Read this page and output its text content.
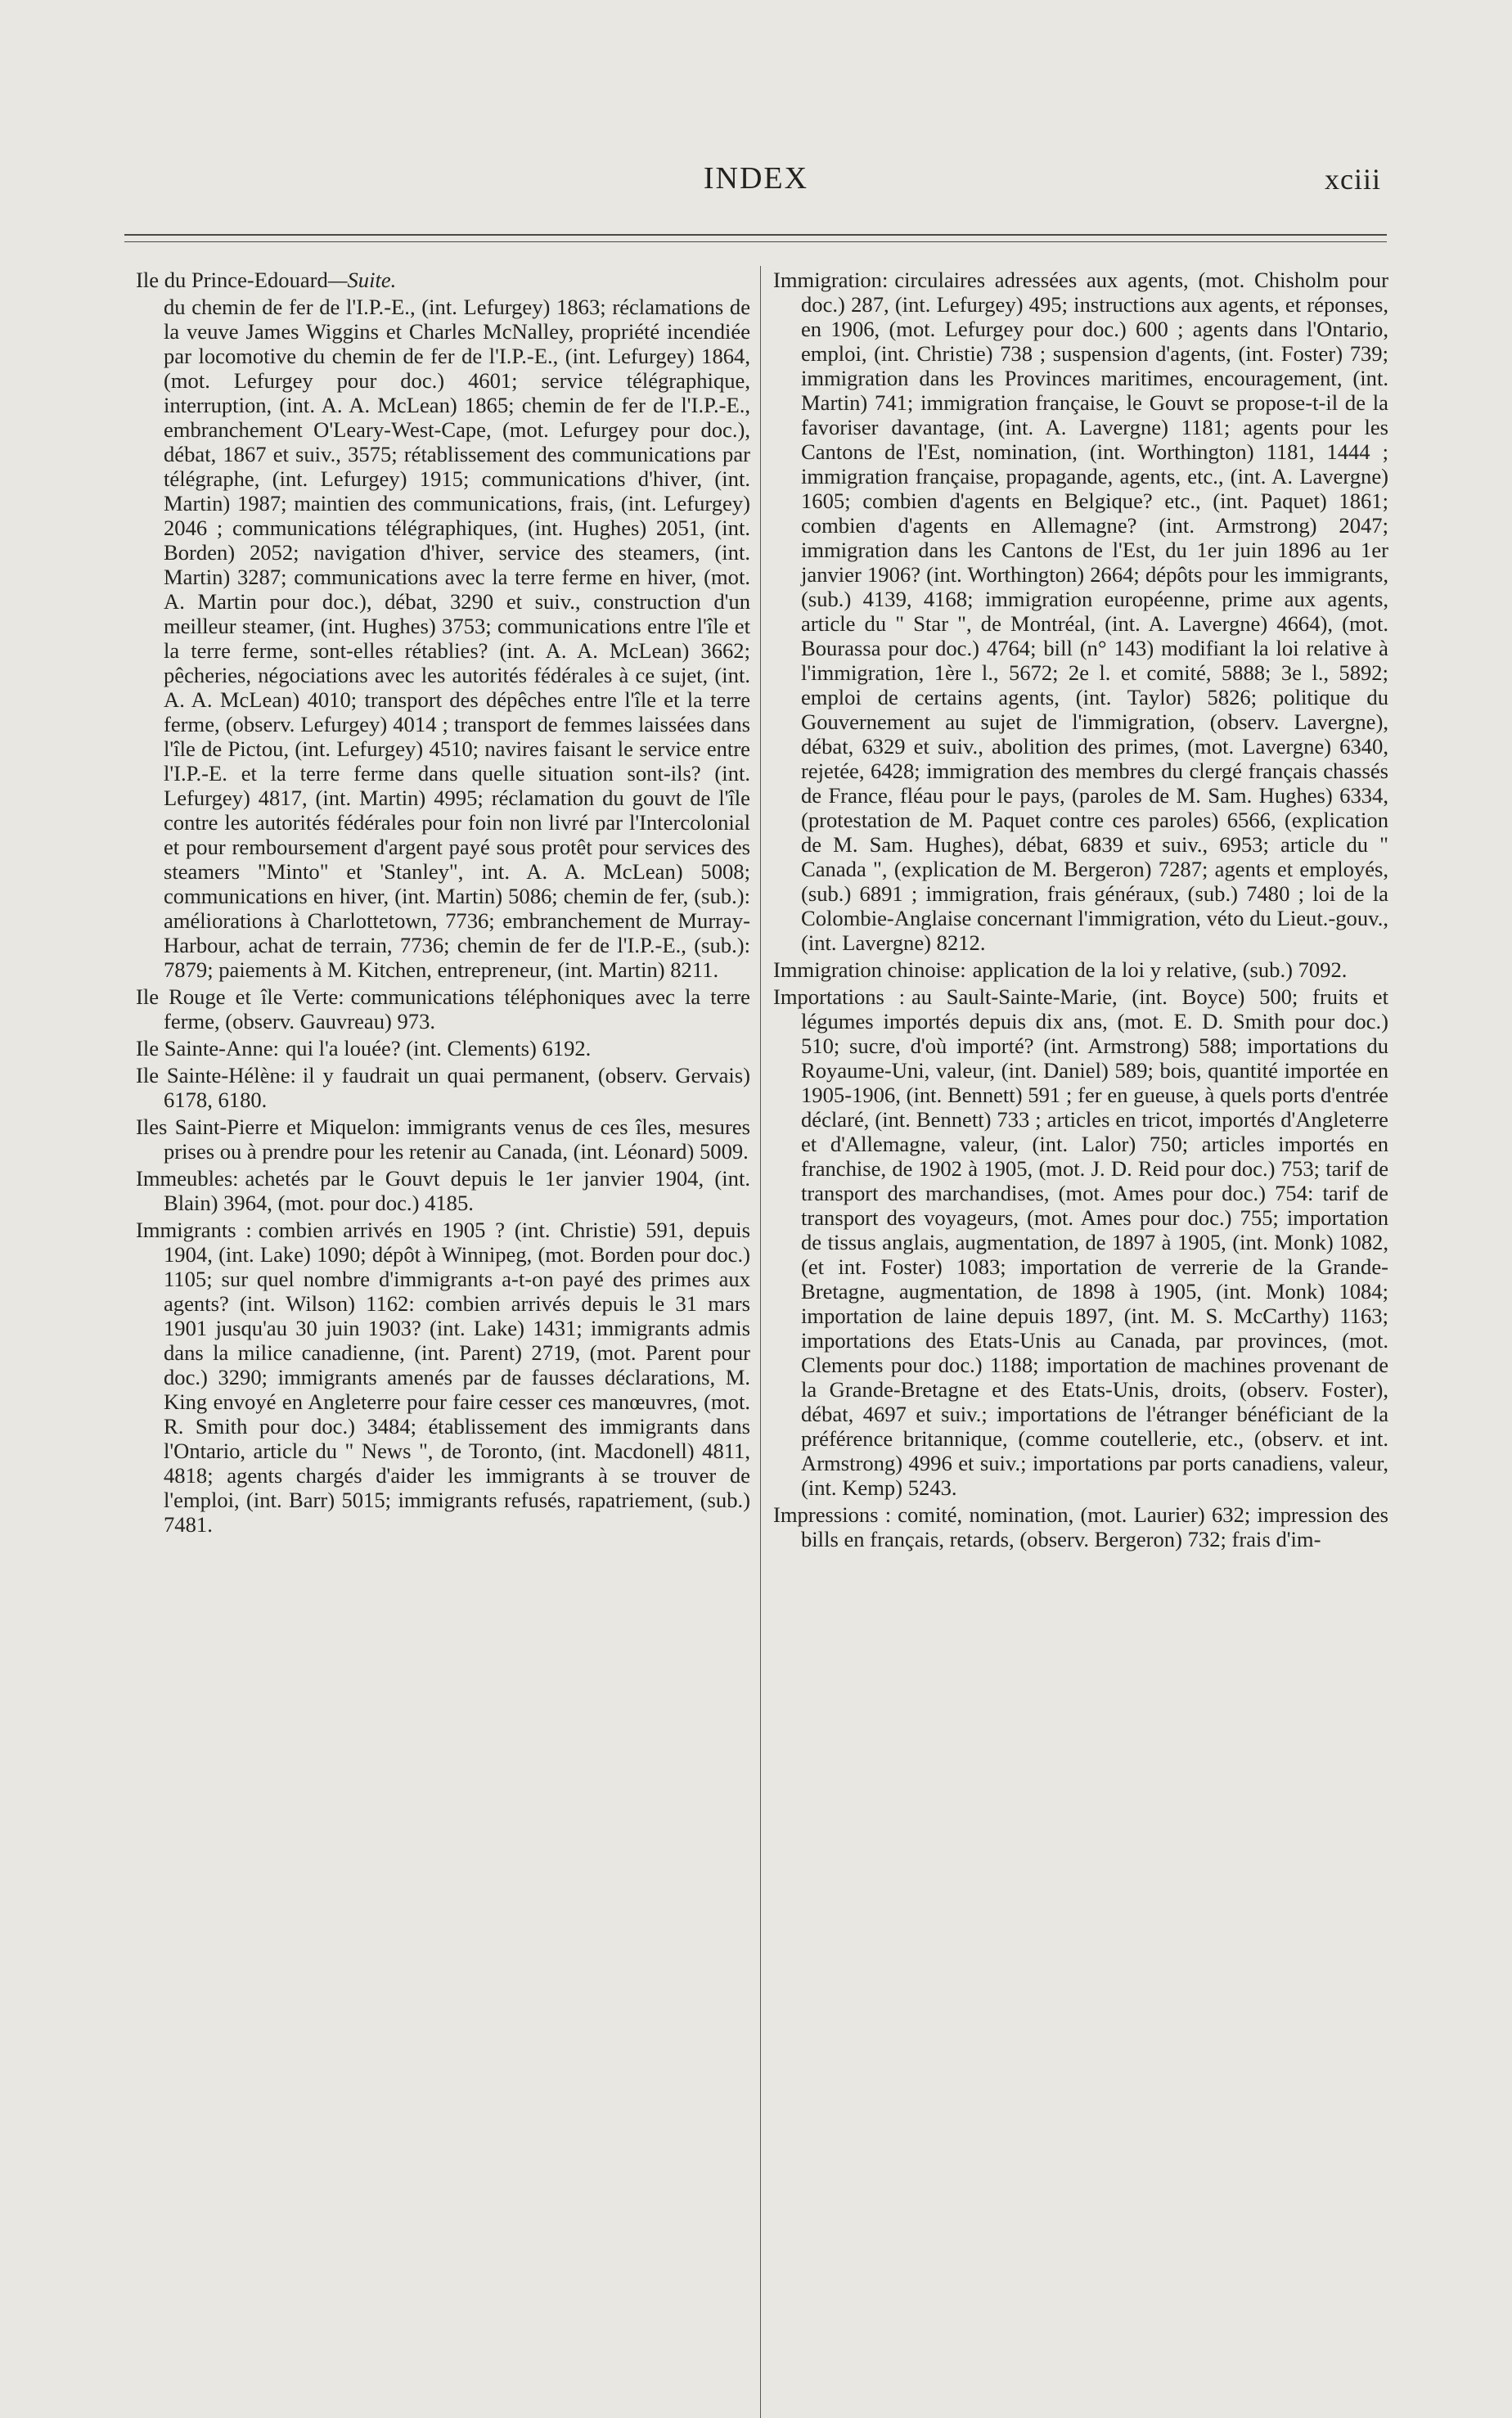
INDEX	xciii
Ile du Prince-Edouard—Suite.
du chemin de fer de l'I.P.-E., (int. Lefurgey) 1863; réclamations de la veuve James Wiggins et Charles McNalley, propriété incendiée par locomotive du chemin de fer de l'I.P.-E., (int. Lefurgey) 1864, (mot. Lefurgey pour doc.) 4601; service télégraphique, interruption, (int. A. A. McLean) 1865; chemin de fer de l'I.P.-E., embranchement O'Leary-West-Cape, (mot. Lefurgey pour doc.), débat, 1867 et suiv., 3575; rétablissement des communications par télégraphe, (int. Lefurgey) 1915; communications d'hiver, (int. Martin) 1987; maintien des communications, frais, (int. Lefurgey) 2046 ; communications télégraphiques, (int. Hughes) 2051, (int. Borden) 2052; navigation d'hiver, service des steamers, (int. Martin) 3287; communications avec la terre ferme en hiver, (mot. A. Martin pour doc.), débat, 3290 et suiv., construction d'un meilleur steamer, (int. Hughes) 3753; communications entre l'île et la terre ferme, sont-elles rétablies? (int. A. A. McLean) 3662; pêcheries, négociations avec les autorités fédérales à ce sujet, (int. A. A. McLean) 4010; transport des dépêches entre l'île et la terre ferme, (observ. Lefurgey) 4014 ; transport de femmes laissées dans l'île de Pictou, (int. Lefurgey) 4510; navires faisant le service entre l'I.P.-E. et la terre ferme dans quelle situation sont-ils? (int. Lefurgey) 4817, (int. Martin) 4995; réclamation du gouvt de l'île contre les autorités fédérales pour foin non livré par l'Intercolonial et pour remboursement d'argent payé sous protêt pour services des steamers "Minto" et 'Stanley", int. A. A. McLean) 5008; communications en hiver, (int. Martin) 5086; chemin de fer, (sub.): améliorations à Charlottetown, 7736; embranchement de Murray-Harbour, achat de terrain, 7736; chemin de fer de l'I.P.-E., (sub.): 7879; paiements à M. Kitchen, entrepreneur, (int. Martin) 8211.
Ile Rouge et île Verte: communications téléphoniques avec la terre ferme, (observ. Gauvreau) 973.
Ile Sainte-Anne: qui l'a louée? (int. Clements) 6192.
Ile Sainte-Hélène: il y faudrait un quai permanent, (observ. Gervais) 6178, 6180.
Iles Saint-Pierre et Miquelon: immigrants venus de ces îles, mesures prises ou à prendre pour les retenir au Canada, (int. Léonard) 5009.
Immeubles: achetés par le Gouvt depuis le 1er janvier 1904, (int. Blain) 3964, (mot. pour doc.) 4185.
Immigrants : combien arrivés en 1905 ? (int. Christie) 591, depuis 1904, (int. Lake) 1090; dépôt à Winnipeg, (mot. Borden pour doc.) 1105; sur quel nombre d'immigrants a-t-on payé des primes aux agents? (int. Wilson) 1162: combien arrivés depuis le 31 mars 1901 jusqu'au 30 juin 1903? (int. Lake) 1431; immigrants admis dans la milice canadienne, (int. Parent) 2719, (mot. Parent pour doc.) 3290; immigrants amenés par de fausses déclarations, M. King envoyé en Angleterre pour faire cesser ces manœuvres, (mot. R. Smith pour doc.) 3484; établissement des immigrants dans l'Ontario, article du " News ", de Toronto, (int. Macdonell) 4811, 4818; agents chargés d'aider les immigrants à se trouver de l'emploi, (int. Barr) 5015; immigrants refusés, rapatriement, (sub.) 7481.
Immigration: circulaires adressées aux agents, (mot. Chisholm pour doc.) 287, (int. Lefurgey) 495; instructions aux agents, et réponses, en 1906, (mot. Lefurgey pour doc.) 600 ; agents dans l'Ontario, emploi, (int. Christie) 738 ; suspension d'agents, (int. Foster) 739; immigration dans les Provinces maritimes, encouragement, (int. Martin) 741; immigration française, le Gouvt se propose-t-il de la favoriser davantage, (int. A. Lavergne) 1181; agents pour les Cantons de l'Est, nomination, (int. Worthington) 1181, 1444 ; immigration française, propagande, agents, etc., (int. A. Lavergne) 1605; combien d'agents en Belgique? etc., (int. Paquet) 1861; combien d'agents en Allemagne? (int. Armstrong) 2047; immigration dans les Cantons de l'Est, du 1er juin 1896 au 1er janvier 1906? (int. Worthington) 2664; dépôts pour les immigrants, (sub.) 4139, 4168; immigration européenne, prime aux agents, article du " Star ", de Montréal, (int. A. Lavergne) 4664), (mot. Bourassa pour doc.) 4764; bill (n° 143) modifiant la loi relative à l'immigration, 1ère l., 5672; 2e l. et comité, 5888; 3e l., 5892; emploi de certains agents, (int. Taylor) 5826; politique du Gouvernement au sujet de l'immigration, (observ. Lavergne), débat, 6329 et suiv., abolition des primes, (mot. Lavergne) 6340, rejetée, 6428; immigration des membres du clergé français chassés de France, fléau pour le pays, (paroles de M. Sam. Hughes) 6334, (protestation de M. Paquet contre ces paroles) 6566, (explication de M. Sam. Hughes), débat, 6839 et suiv., 6953; article du " Canada ", (explication de M. Bergeron) 7287; agents et employés, (sub.) 6891 ; immigration, frais généraux, (sub.) 7480 ; loi de la Colombie-Anglaise concernant l'immigration, véto du Lieut.-gouv., (int. Lavergne) 8212.
Immigration chinoise: application de la loi y relative, (sub.) 7092.
Importations : au Sault-Sainte-Marie, (int. Boyce) 500; fruits et légumes importés depuis dix ans, (mot. E. D. Smith pour doc.) 510; sucre, d'où importé? (int. Armstrong) 588; importations du Royaume-Uni, valeur, (int. Daniel) 589; bois, quantité importée en 1905-1906, (int. Bennett) 591 ; fer en gueuse, à quels ports d'entrée déclaré, (int. Bennett) 733 ; articles en tricot, importés d'Angleterre et d'Allemagne, valeur, (int. Lalor) 750; articles importés en franchise, de 1902 à 1905, (mot. J. D. Reid pour doc.) 753; tarif de transport des marchandises, (mot. Ames pour doc.) 754: tarif de transport des voyageurs, (mot. Ames pour doc.) 755; importation de tissus anglais, augmentation, de 1897 à 1905, (int. Monk) 1082, (et int. Foster) 1083; importation de verrerie de la Grande-Bretagne, augmentation, de 1898 à 1905, (int. Monk) 1084; importation de laine depuis 1897, (int. M. S. McCarthy) 1163; importations des Etats-Unis au Canada, par provinces, (mot. Clements pour doc.) 1188; importation de machines provenant de la Grande-Bretagne et des Etats-Unis, droits, (observ. Foster), débat, 4697 et suiv.; importations de l'étranger bénéficiant de la préférence britannique, (comme coutellerie, etc., (observ. et int. Armstrong) 4996 et suiv.; importations par ports canadiens, valeur, (int. Kemp) 5243.
Impressions : comité, nomination, (mot. Laurier) 632; impression des bills en français, retards, (observ. Bergeron) 732; frais d'im-
